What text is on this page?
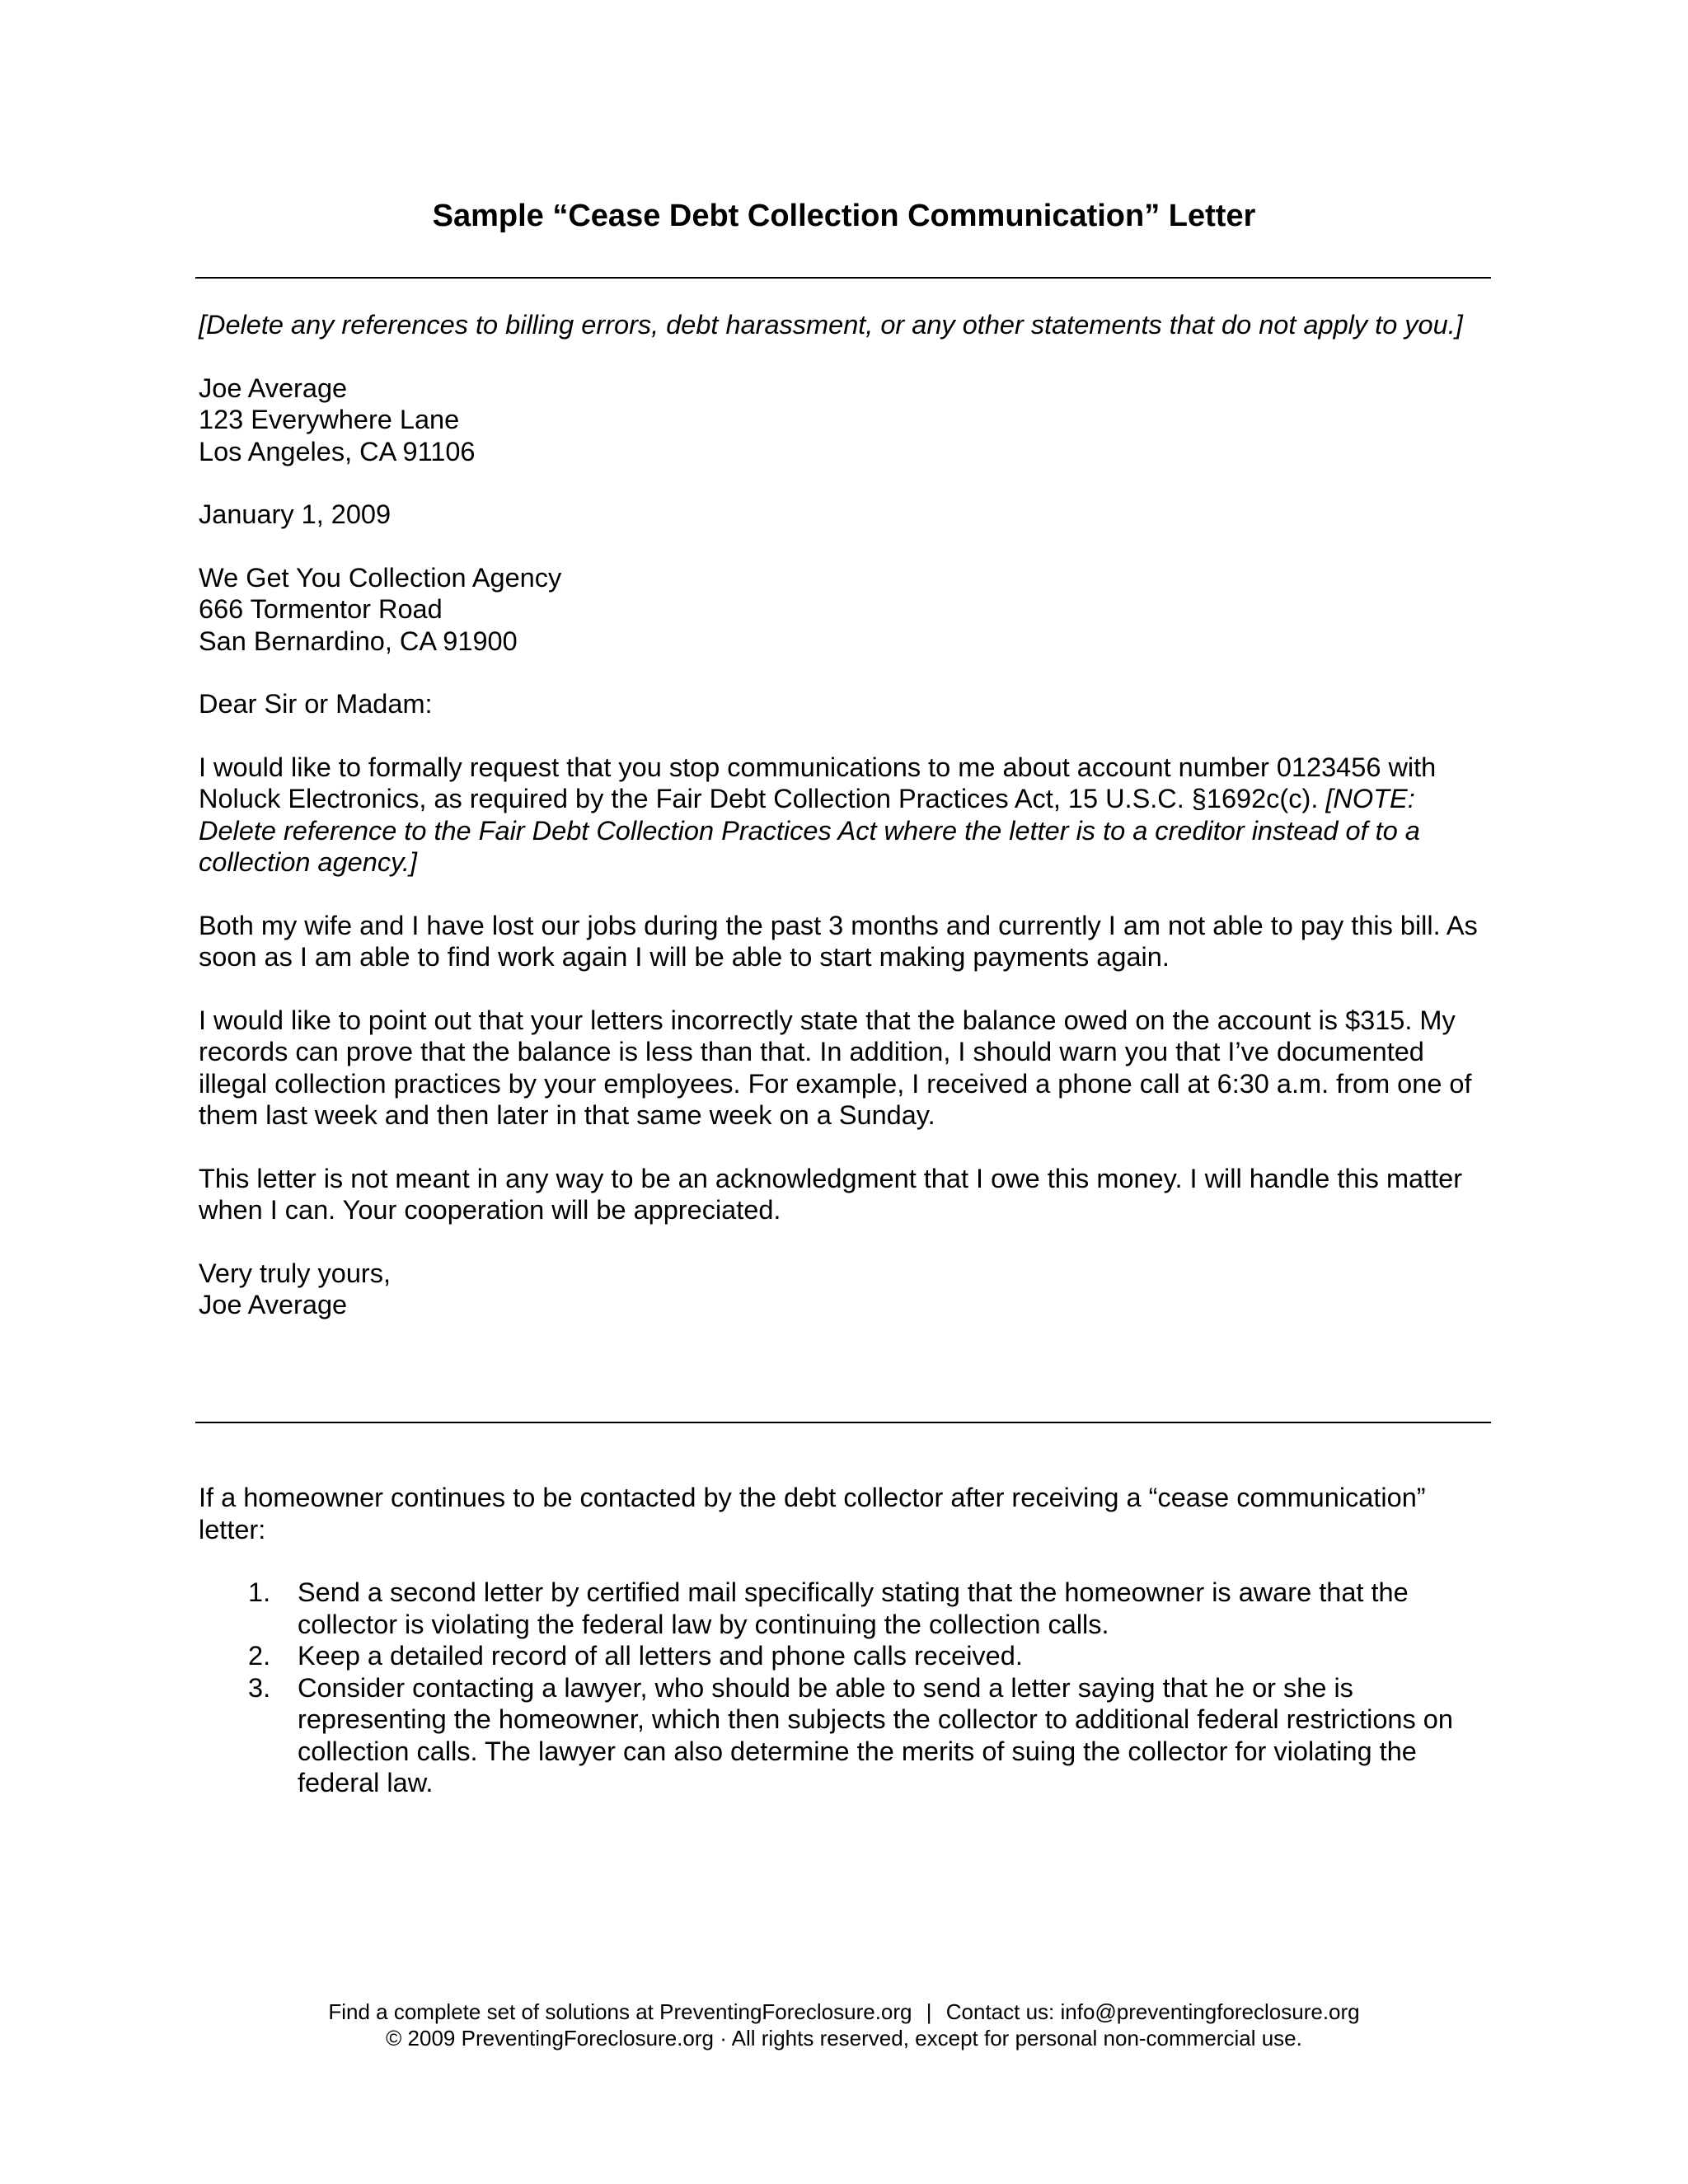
Sample “Cease Debt Collection Communication” Letter

[Delete any references to billing errors, debt harassment, or any other statements that do not apply to you.]

Joe Average

123 Everywhere Lane

Los Angeles, CA 91106

January 1, 2009

We Get You Collection Agency

666 Tormentor Road

San Bernardino, CA 91900

Dear Sir or Madam:

I would like to formally request that you stop communications to me about account number 0123456 with Noluck Electronics, as required by the Fair Debt Collection Practices Act, 15 U.S.C. §1692c(c). [NOTE: Delete reference to the Fair Debt Collection Practices Act where the letter is to a creditor instead of to a collection agency.]

Both my wife and I have lost our jobs during the past 3 months and currently I am not able to pay this bill. As soon as I am able to find work again I will be able to start making payments again.

I would like to point out that your letters incorrectly state that the balance owed on the account is $315. My records can prove that the balance is less than that. In addition, I should warn you that I’ve documented illegal collection practices by your employees. For example, I received a phone call at 6:30 a.m. from one of them last week and then later in that same week on a Sunday.

This letter is not meant in any way to be an acknowledgment that I owe this money. I will handle this matter when I can. Your cooperation will be appreciated.

Very truly yours,

Joe Average

If a homeowner continues to be contacted by the debt collector after receiving a “cease communication” letter:

1. Send a second letter by certified mail specifically stating that the homeowner is aware that the collector is violating the federal law by continuing the collection calls.
2. Keep a detailed record of all letters and phone calls received.
3. Consider contacting a lawyer, who should be able to send a letter saying that he or she is representing the homeowner, which then subjects the collector to additional federal restrictions on collection calls. The lawyer can also determine the merits of suing the collector for violating the federal law.
Find a complete set of solutions at PreventingForeclosure.org | Contact us: info@preventingforeclosure.org
© 2009 PreventingForeclosure.org · All rights reserved, except for personal non-commercial use.
